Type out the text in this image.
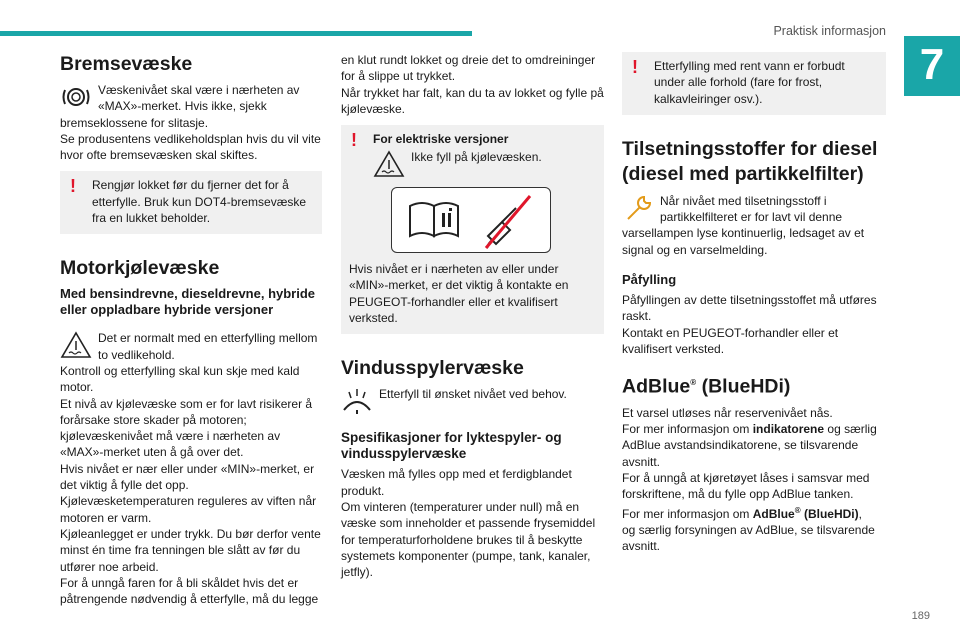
Praktisk informasjon
7
Bremsevæske
Væskenivået skal være i nærheten av «MAX»-merket. Hvis ikke, sjekk

bremseklossene for slitasje.

Se produsentens vedlikeholdsplan hvis du vil vite hvor ofte bremsevæsken skal skiftes.

!	Rengjør lokket før du fjerner det for å etterfylle. Bruk kun DOT4-bremsevæske fra en lukket beholder.
Motorkjølevæske
Med bensindrevne, dieseldrevne, hybride eller oppladbare hybride versjoner
Det er normalt med en etterfylling mellom to vedlikehold.

Kontroll og etterfylling skal kun skje med kald motor.
Et nivå av kjølevæske som er for lavt risikerer å forårsake store skader på motoren; kjølevæskenivået må være i nærheten av «MAX»-merket uten å gå over det.
Hvis nivået er nær eller under «MIN»-merket, er det viktig å fylle det opp.
Kjølevæsketemperaturen reguleres av viften når motoren er varm.
Kjøleanlegget er under trykk. Du bør derfor vente minst én time fra tenningen ble slått av før du utfører noe arbeid.
For å unngå faren for å bli skåldet hvis det er påtrengende nødvendig å etterfylle, må du legge

en klut rundt lokket og dreie det to omdreininger for å slippe ut trykket.
Når trykket har falt, kan du ta av lokket og fylle på kjølevæske.

!	For elektriske versjoner
Ikke fyll på kjølevæsken.

Hvis nivået er i nærheten av eller under «MIN»-merket, er det viktig å kontakte en PEUGEOT-forhandler eller et kvalifisert verksted.

Vindusspylervæske
Etterfyll til ønsket nivået ved behov.
Spesifikasjoner for lyktespyler- og vindusspylervæske

Væsken må fylles opp med et ferdigblandet produkt.
Om vinteren (temperaturer under null) må en væske som inneholder et passende frysemiddel for temperaturforholdene brukes til å beskytte systemets komponenter (pumpe, tank, kanaler, jetfly).

!	Etterfylling med rent vann er forbudt under alle forhold (fare for frost, kalkavleiringer osv.).
Tilsetningsstoffer for diesel (diesel med partikkelfilter)
Når nivået med tilsetningsstoff i partikkelfilteret er for lavt vil denne

varsellampen lyse kontinuerlig, ledsaget av et signal og en varselmelding.

Påfylling

Påfyllingen av dette tilsetningsstoffet må utføres raskt.
Kontakt en PEUGEOT-forhandler eller et kvalifisert verksted.

AdBlue® (BlueHDi)

Et varsel utløses når reservenivået nås.
For mer informasjon om indikatorene og særlig AdBlue avstandsindikatorene, se tilsvarende avsnitt.
For å unngå at kjøretøyet låses i samsvar med forskriftene, må du fylle opp AdBlue tanken.
For mer informasjon om AdBlue® (BlueHDi),
og særlig forsyningen av AdBlue, se tilsvarende avsnitt.

189
